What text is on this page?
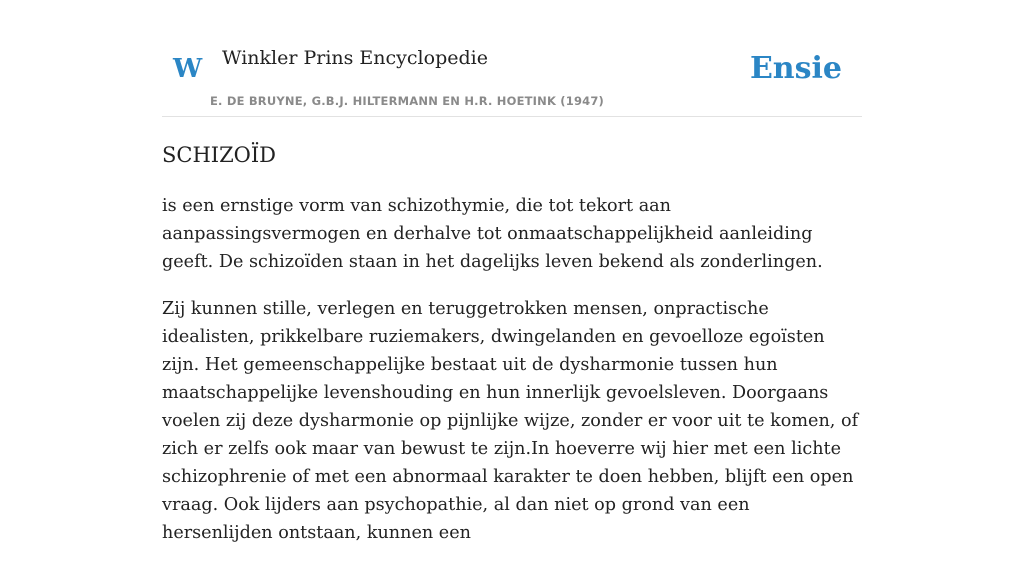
W Winkler Prins Encyclopedie
E. DE BRUYNE, G.B.J. HILTERMANN EN H.R. HOETINK (1947)
Ensie
SCHIZOÏD

is een ernstige vorm van schizothymie, die tot tekort aan aanpassingsvermogen en derhalve tot onmaatschappelijkheid aanleiding geeft. De schizoïden staan in het dagelijks leven bekend als zonderlingen.

Zij kunnen stille, verlegen en teruggetrokken mensen, onpractische idealisten, prikkelbare ruziemakers, dwingelanden en gevoelloze egoïsten zijn. Het gemeenschappelijke bestaat uit de dysharmonie tussen hun maatschappelijke levenshouding en hun innerlijk gevoelsleven. Doorgaans voelen zij deze dysharmonie op pijnlijke wijze, zonder er voor uit te komen, of zich er zelfs ook maar van bewust te zijn.In hoeverre wij hier met een lichte schizophrenie of met een abnormaal karakter te doen hebben, blijft een open vraag. Ook lijders aan psychopathie, al dan niet op grond van een hersenlijden ontstaan, kunnen een
